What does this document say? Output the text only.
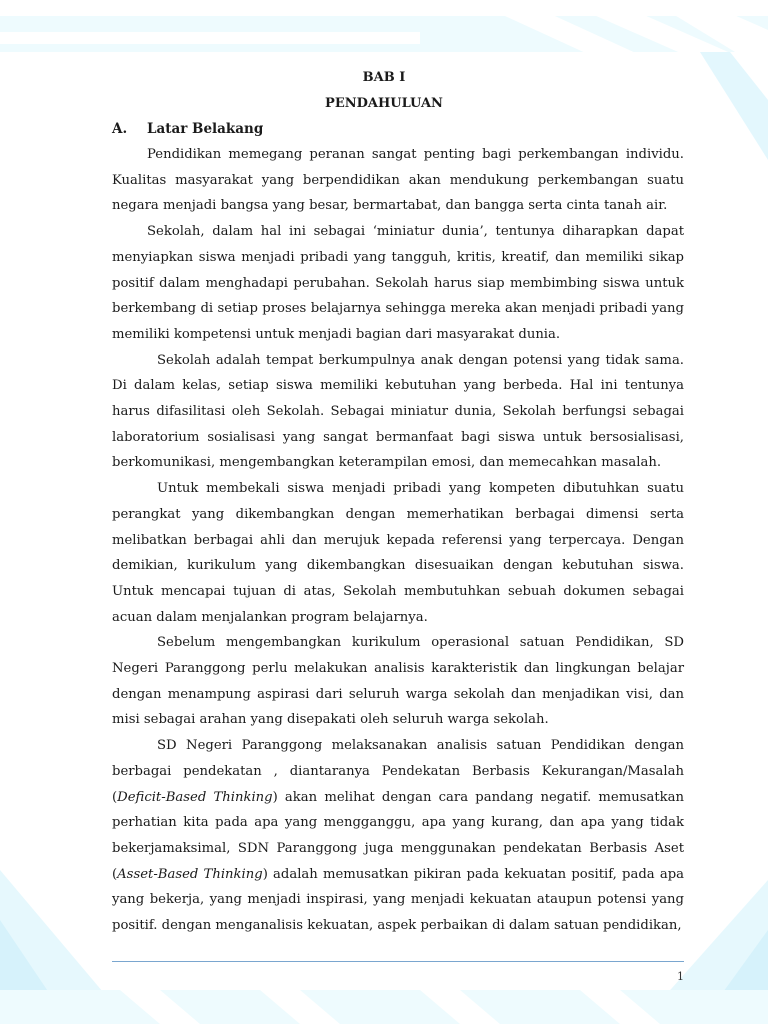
BAB I
PENDAHULUAN
A. Latar Belakang

Pendidikan memegang peranan sangat penting bagi perkembangan individu. Kualitas masyarakat yang berpendidikan akan mendukung perkembangan suatu negara menjadi bangsa yang besar, bermartabat, dan bangga serta cinta tanah air.

Sekolah, dalam hal ini sebagai ‘miniatur dunia’, tentunya diharapkan dapat menyiapkan siswa menjadi pribadi yang tangguh, kritis, kreatif, dan memiliki sikap positif dalam menghadapi perubahan. Sekolah harus siap membimbing siswa untuk berkembang di setiap proses belajarnya sehingga mereka akan menjadi pribadi yang memiliki kompetensi untuk menjadi bagian dari masyarakat dunia.

Sekolah adalah tempat berkumpulnya anak dengan potensi yang tidak sama. Di dalam kelas, setiap siswa memiliki kebutuhan yang berbeda. Hal ini tentunya harus difasilitasi oleh Sekolah. Sebagai miniatur dunia, Sekolah berfungsi sebagai laboratorium sosialisasi yang sangat bermanfaat bagi siswa untuk bersosialisasi, berkomunikasi, mengembangkan keterampilan emosi, dan memecahkan masalah.

Untuk membekali siswa menjadi pribadi yang kompeten dibutuhkan suatu perangkat yang dikembangkan dengan memerhatikan berbagai dimensi serta melibatkan berbagai ahli dan merujuk kepada referensi yang terpercaya. Dengan demikian, kurikulum yang dikembangkan disesuaikan dengan kebutuhan siswa. Untuk mencapai tujuan di atas, Sekolah membutuhkan sebuah dokumen sebagai acuan dalam menjalankan program belajarnya.

Sebelum mengembangkan kurikulum operasional satuan Pendidikan, SD Negeri Paranggong perlu melakukan analisis karakteristik dan lingkungan belajar dengan menampung aspirasi dari seluruh warga sekolah dan menjadikan visi, dan misi sebagai arahan yang disepakati oleh seluruh warga sekolah.

SD Negeri Paranggong melaksanakan analisis satuan Pendidikan dengan berbagai pendekatan , diantaranya Pendekatan Berbasis Kekurangan/Masalah (Deficit-Based Thinking) akan melihat dengan cara pandang negatif. memusatkan perhatian kita pada apa yang mengganggu, apa yang kurang, dan apa yang tidak bekerjamaksimal, SDN Paranggong juga menggunakan pendekatan Berbasis Aset (Asset-Based Thinking) adalah memusatkan pikiran pada kekuatan positif, pada apa yang bekerja, yang menjadi inspirasi, yang menjadi kekuatan ataupun potensi yang positif. dengan menganalisis kekuatan, aspek perbaikan di dalam satuan pendidikan,

1
